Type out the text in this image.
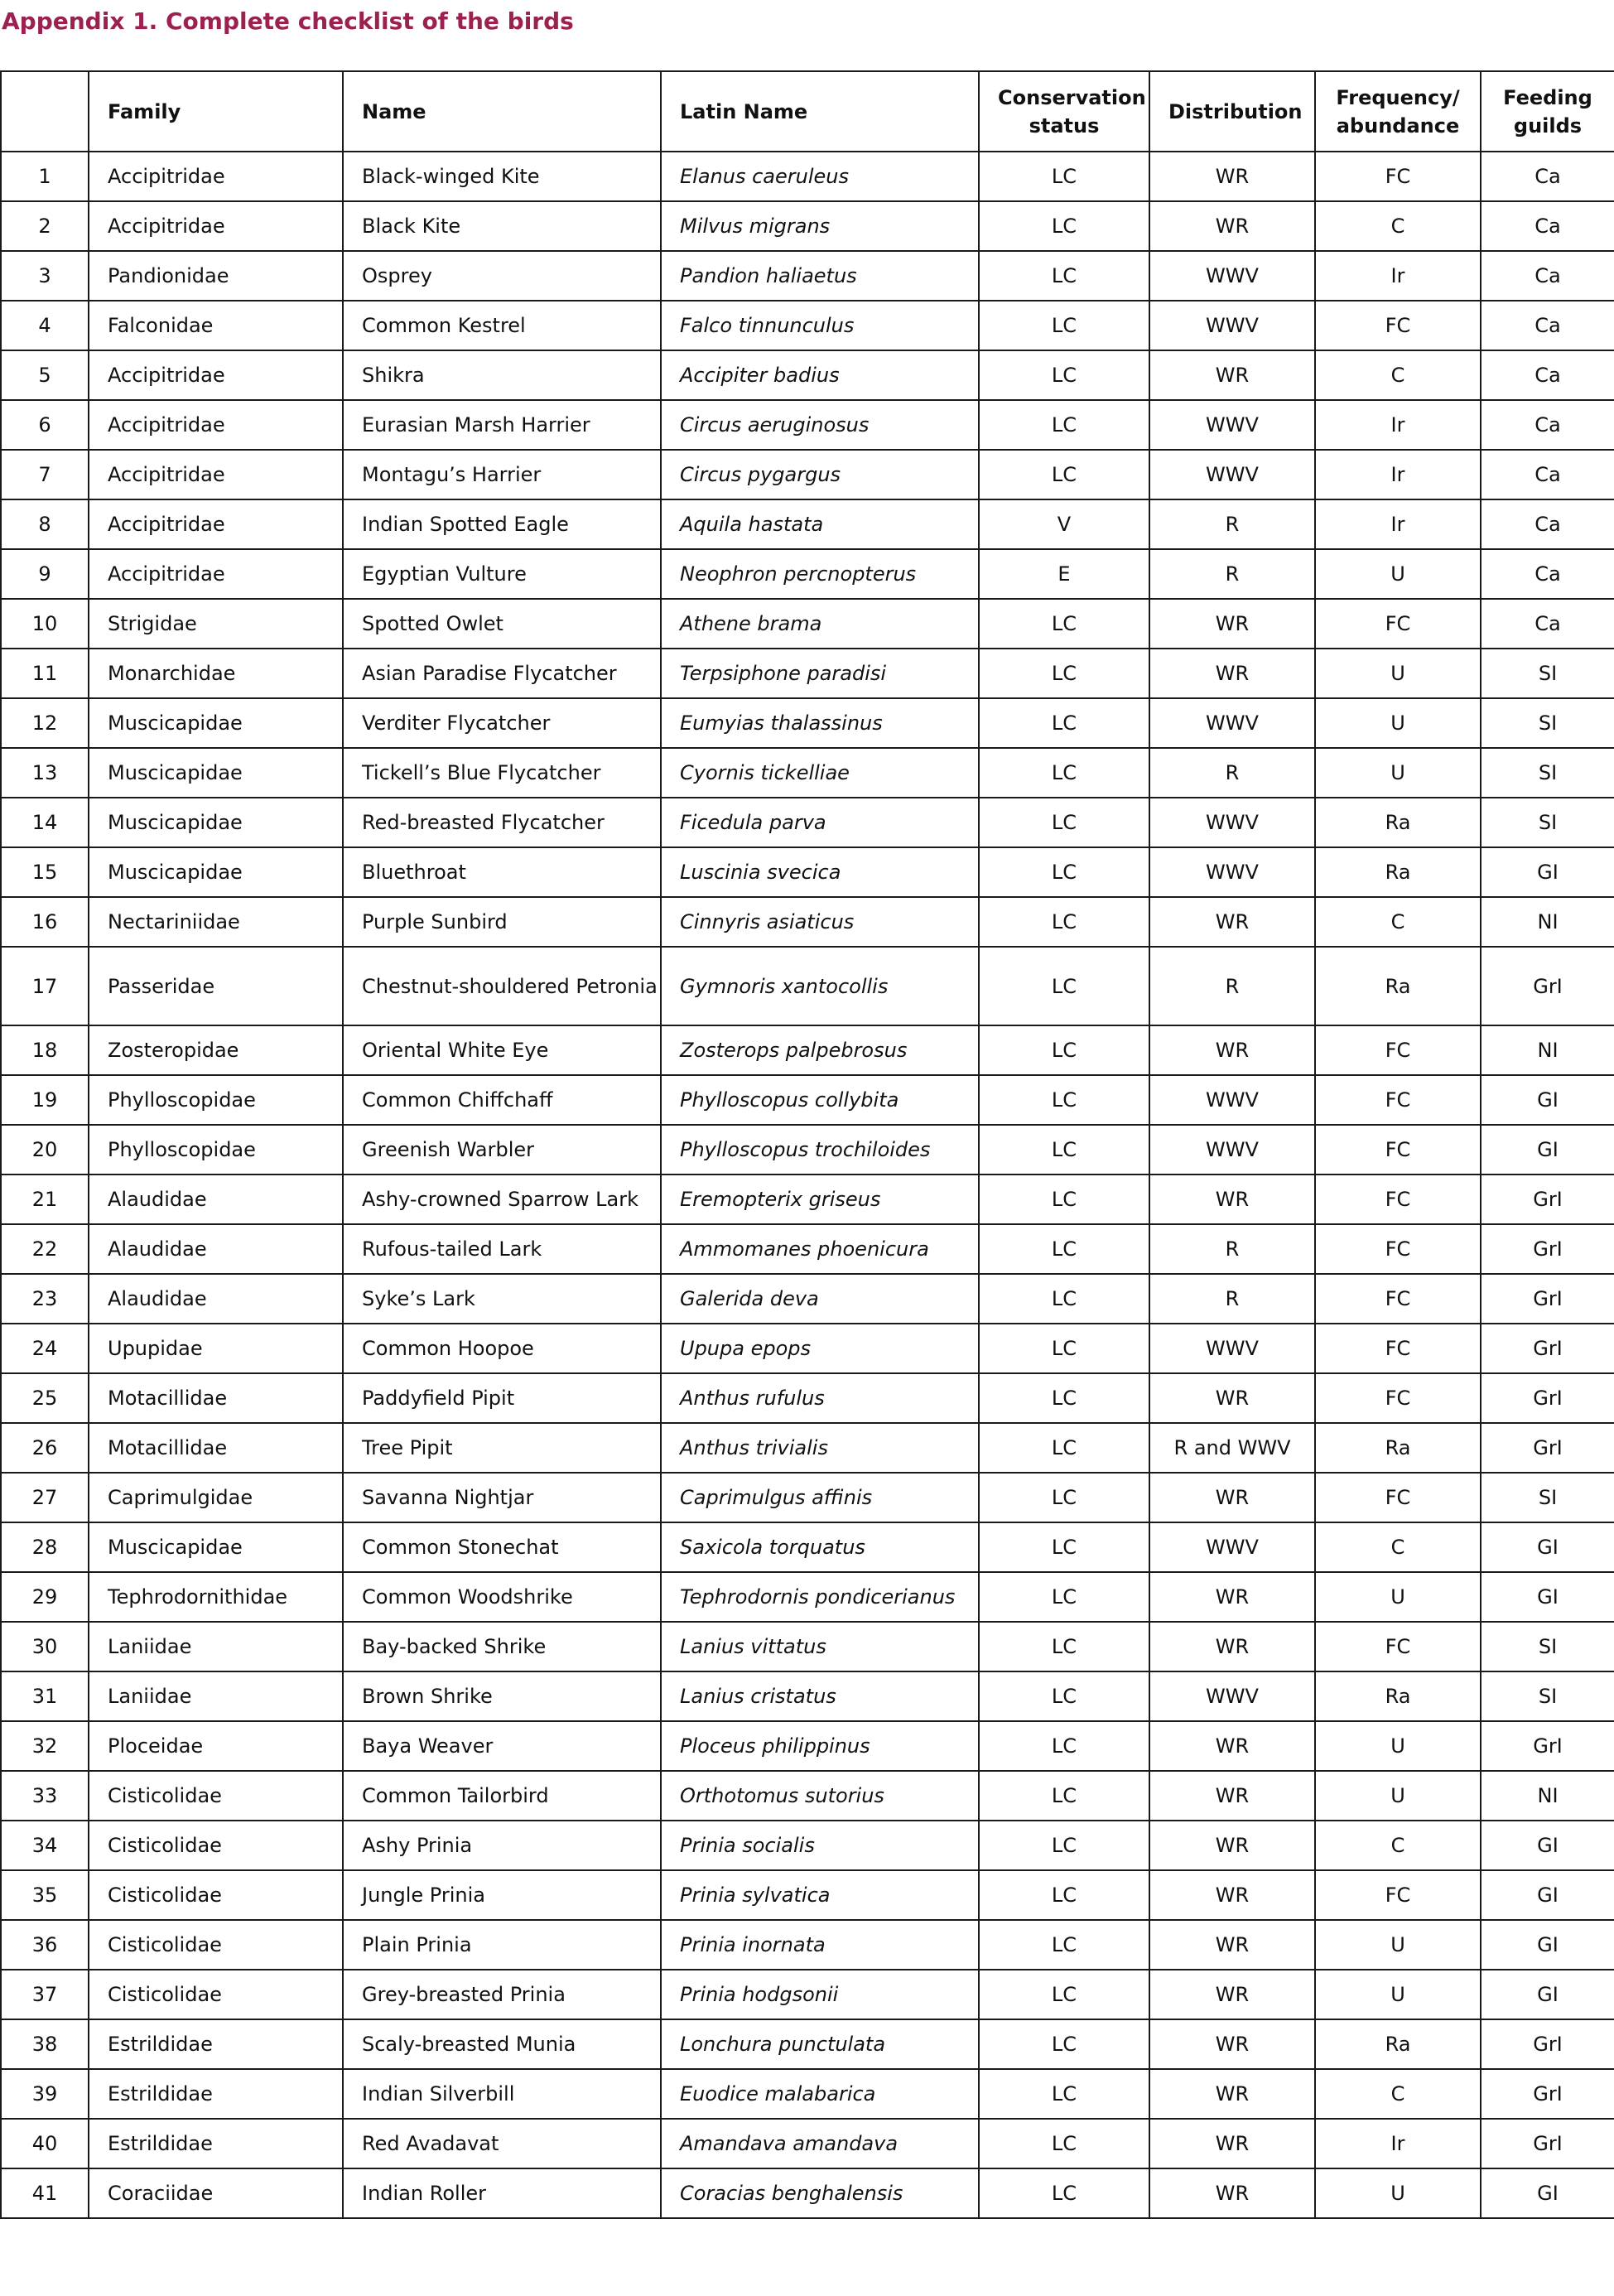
Appendix 1. Complete checklist of the birds
	Family	Name	Latin Name	Conservation status	Distribution	Frequency/ abundance	Feeding guilds
1	Accipitridae	Black-winged Kite	Elanus caeruleus	LC	WR	FC	Ca
2	Accipitridae	Black Kite	Milvus migrans	LC	WR	C	Ca
3	Pandionidae	Osprey	Pandion haliaetus	LC	WWV	Ir	Ca
4	Falconidae	Common Kestrel	Falco tinnunculus	LC	WWV	FC	Ca
5	Accipitridae	Shikra	Accipiter badius	LC	WR	C	Ca
6	Accipitridae	Eurasian Marsh Harrier	Circus aeruginosus	LC	WWV	Ir	Ca
7	Accipitridae	Montagu’s Harrier	Circus pygargus	LC	WWV	Ir	Ca
8	Accipitridae	Indian Spotted Eagle	Aquila hastata	V	R	Ir	Ca
9	Accipitridae	Egyptian Vulture	Neophron percnopterus	E	R	U	Ca
10	Strigidae	Spotted Owlet	Athene brama	LC	WR	FC	Ca
11	Monarchidae	Asian Paradise Flycatcher	Terpsiphone paradisi	LC	WR	U	SI
12	Muscicapidae	Verditer Flycatcher	Eumyias thalassinus	LC	WWV	U	SI
13	Muscicapidae	Tickell’s Blue Flycatcher	Cyornis tickelliae	LC	R	U	SI
14	Muscicapidae	Red-breasted Flycatcher	Ficedula parva	LC	WWV	Ra	SI
15	Muscicapidae	Bluethroat	Luscinia svecica	LC	WWV	Ra	GI
16	Nectariniidae	Purple Sunbird	Cinnyris asiaticus	LC	WR	C	NI
17	Passeridae	Chestnut-shouldered Petronia	Gymnoris xantocollis	LC	R	Ra	GrI
18	Zosteropidae	Oriental White Eye	Zosterops palpebrosus	LC	WR	FC	NI
19	Phylloscopidae	Common Chiffchaff	Phylloscopus collybita	LC	WWV	FC	GI
20	Phylloscopidae	Greenish Warbler	Phylloscopus trochiloides	LC	WWV	FC	GI
21	Alaudidae	Ashy-crowned Sparrow Lark	Eremopterix griseus	LC	WR	FC	GrI
22	Alaudidae	Rufous-tailed Lark	Ammomanes phoenicura	LC	R	FC	GrI
23	Alaudidae	Syke’s Lark	Galerida deva	LC	R	FC	GrI
24	Upupidae	Common Hoopoe	Upupa epops	LC	WWV	FC	GrI
25	Motacillidae	Paddyfield Pipit	Anthus rufulus	LC	WR	FC	GrI
26	Motacillidae	Tree Pipit	Anthus trivialis	LC	R and WWV	Ra	GrI
27	Caprimulgidae	Savanna Nightjar	Caprimulgus affinis	LC	WR	FC	SI
28	Muscicapidae	Common Stonechat	Saxicola torquatus	LC	WWV	C	GI
29	Tephrodornithidae	Common Woodshrike	Tephrodornis pondicerianus	LC	WR	U	GI
30	Laniidae	Bay-backed Shrike	Lanius vittatus	LC	WR	FC	SI
31	Laniidae	Brown Shrike	Lanius cristatus	LC	WWV	Ra	SI
32	Ploceidae	Baya Weaver	Ploceus philippinus	LC	WR	U	GrI
33	Cisticolidae	Common Tailorbird	Orthotomus sutorius	LC	WR	U	NI
34	Cisticolidae	Ashy Prinia	Prinia socialis	LC	WR	C	GI
35	Cisticolidae	Jungle Prinia	Prinia sylvatica	LC	WR	FC	GI
36	Cisticolidae	Plain Prinia	Prinia inornata	LC	WR	U	GI
37	Cisticolidae	Grey-breasted Prinia	Prinia hodgsonii	LC	WR	U	GI
38	Estrildidae	Scaly-breasted Munia	Lonchura punctulata	LC	WR	Ra	GrI
39	Estrildidae	Indian Silverbill	Euodice malabarica	LC	WR	C	GrI
40	Estrildidae	Red Avadavat	Amandava amandava	LC	WR	Ir	GrI
41	Coraciidae	Indian Roller	Coracias benghalensis	LC	WR	U	GI
